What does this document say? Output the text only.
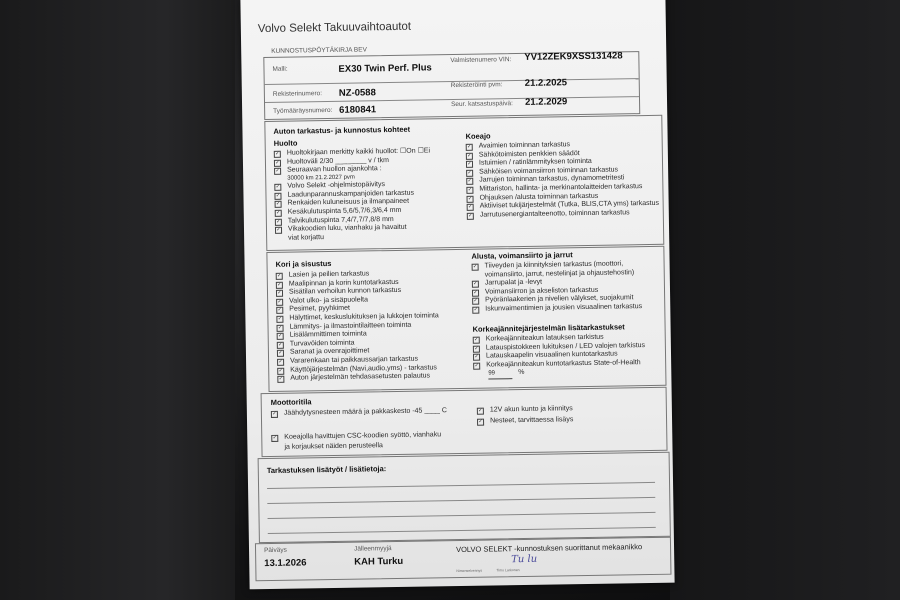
Volvo Selekt Takuuvaihtoautot
KUNNOSTUSPÖYTÄKIRJA BEV
Malli:	EX30 Twin Perf. Plus
Valmistenumero VIN: YV12ZEK9XSS131428
Rekisterinumero: NZ-0588
Rekisteröinti pvm: 21.2.2025
Työmääräysnumero: 6180841
Seur. katsastuspäivä: 21.2.2029
Auton tarkastus- ja kunnostus kohteet
Huolto
✓ Huoltokirjaan merkitty kaikki huollot: ☐On ☐Ei
✓ Huoltoväli 2/30 ________ v / tkm
✓ Seuraavan huollon ajankohta :
30000 km 21.2.2027 pvm
✓ Volvo Selekt -ohjelmistopäivitys
✓ Laadunparannuskampanjoiden tarkastus
✓ Renkaiden kuluneisuus ja ilmanpaineet
✓ Kesäkulutuspinta 5,6/5,7/6,3/6,4 mm
✓ Talvikulutuspinta 7,4/7,7/7,8/8 mm
✓ Vikakoodien luku, vianhaku ja havaitut
viat korjattu
Koeajo
✓ Avaimien toiminnan tarkastus
✓ Sähkötoimisten penkkien säädöt
✓ Istuimien / ratinlämmityksen toiminta
✓ Sähköisen voimansiirron toiminnan tarkastus
✓ Jarrujen toiminnan tarkastus, dynamometritesti
✓ Mittariston, hallinta- ja merkinantolaitteiden tarkastus
✓ Ohjauksen /alusta toiminnan tarkastus
✓ Aktiiviset tukijärjestelmät (Tutka, BLIS,CTA yms) tarkastus
✓ Jarrutusenergiantalteenotto, toiminnan tarkastus
Kori ja sisustus
✓ Lasien ja peilien tarkastus
✓ Maalipinnan ja korin kuntotarkastus
✓ Sisätilan verhoilun kunnon tarkastus
✓ Valot ulko- ja sisäpuolelta
✓ Pesimet, pyyhkimet
✓ Hälyttimet, keskuslukituksen ja lukkojen toiminta
✓ Lämmitys- ja ilmastointilaitteen toiminta
✓ Lisälämmittimen toiminta
✓ Turvavöiden toiminta
✓ Saranat ja ovenrajoittimet
✓ Vararenkaan tai paikkaussarjan tarkastus
✓ Käyttöjärjestelmän (Navi,audio,yms) - tarkastus
✓ Auton järjestelmän tehdasasetusten palautus
Alusta, voimansiirto ja jarrut
✓ Tiiveyden ja kiinnityksien tarkastus (moottori,
voimansiirto, jarrut, nestelinjat ja ohjaustehostin)
✓ Jarrupalat ja -levyt
✓ Voimansiirron ja akseliston tarkastus
✓ Pyöränlaakerien ja nivelien välykset, suojakumit
✓ Iskunvaimentimien ja jousien visuaalinen tarkastus
Korkeajännitejärjestelmän lisätarkastukset
✓ Korkeajänniteakun latauksen tarkistus
✓ Latauspistokkeen lukituksen / LED valojen tarkistus
✓ Latauskaapelin visuaalinen kuntotarkastus
✓ Korkeajänniteakun kuntotarkastus State-of-Health
99	%
Moottoritila
✓ Jäähdytysnesteen määrä ja pakkaskesto -45 ____ C	✓ 12V akun kunto ja kiinnitys
✓ Nesteet, tarvittaessa lisäys
✓ Koeajolla havittujen CSC-koodien syöttö, vianhaku
ja korjaukset näiden perusteella
Tarkastuksen lisätyöt / lisätietoja:
Päiväys
13.1.2026
Jälleenmyyjä
KAH Turku
VOLVO SELEKT -kunnostuksen suorittanut mekaanikko
Tu lu
Nimenselvennys	Timo Larkonen
